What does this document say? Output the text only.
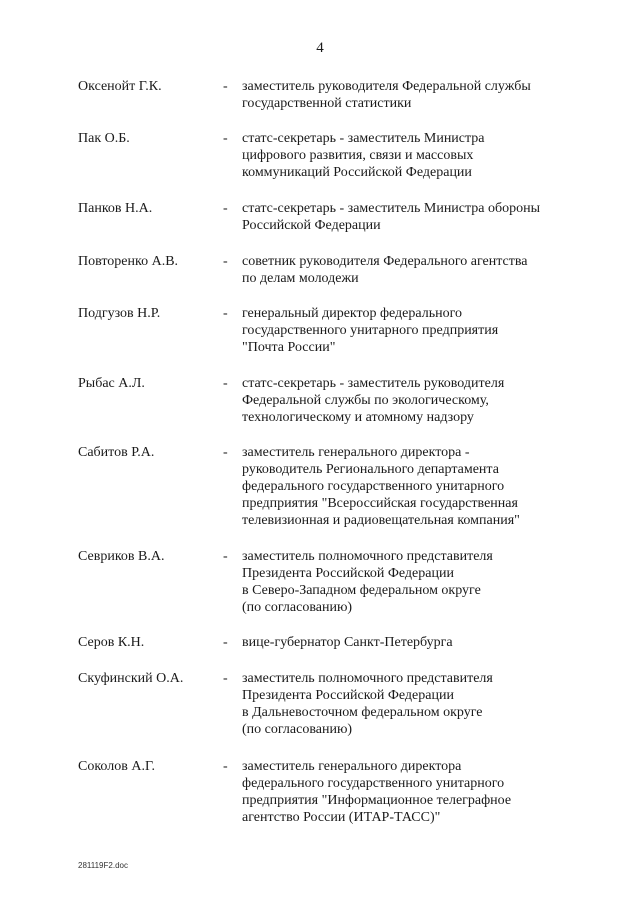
4
Оксенойт Г.К.	- заместитель руководителя Федеральной службы
государственной статистики
Пак О.Б.	- статс-секретарь - заместитель Министра
цифрового развития, связи и массовых
коммуникаций Российской Федерации
Панков Н.А.	- статс-секретарь - заместитель Министра обороны
Российской Федерации
Повторенко А.В.	- советник руководителя Федерального агентства
по делам молодежи
Подгузов Н.Р.	- генеральный директор федерального
государственного унитарного предприятия
"Почта России"
Рыбас А.Л.	- статс-секретарь - заместитель руководителя
Федеральной службы по экологическому,
технологическому и атомному надзору
Сабитов Р.А.	- заместитель генерального директора -
руководитель Регионального департамента
федерального государственного унитарного
предприятия "Всероссийская государственная
телевизионная и радиовещательная компания"
Севриков В.А.	- заместитель полномочного представителя
Президента Российской Федерации
в Северо-Западном федеральном округе
(по согласованию)
Серов К.Н.	- вице-губернатор Санкт-Петербурга
Скуфинский О.А.	- заместитель полномочного представителя
Президента Российской Федерации
в Дальневосточном федеральном округе
(по согласованию)
Соколов А.Г.	- заместитель генерального директора
федерального государственного унитарного
предприятия "Информационное телеграфное
агентство России (ИТАР-ТАСС)"
281119F2.doc
